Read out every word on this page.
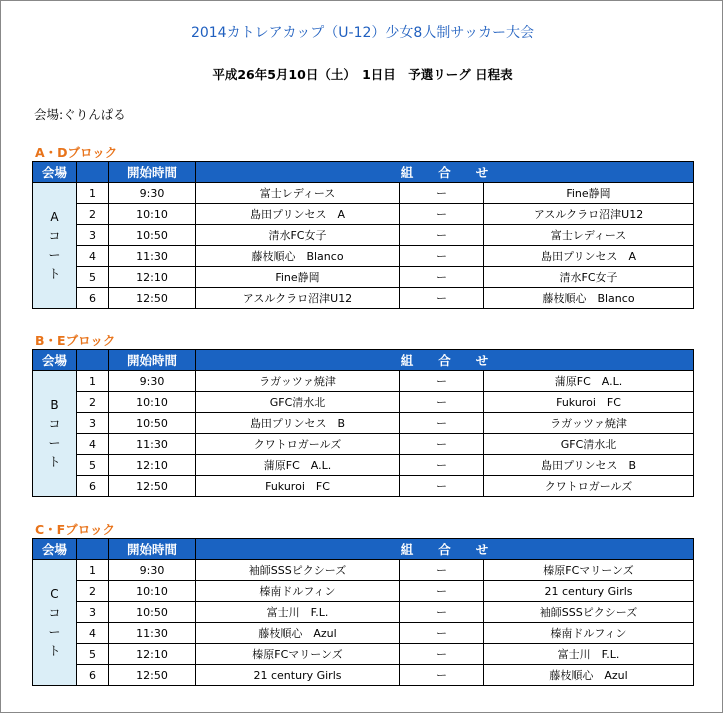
2014カトレアカップ（U-12）少女8人制サッカー大会
平成26年5月10日（土）　1日目　予選リーグ 日程表
会場:ぐりんぱる
A・Dブロック
会場		開始時間	組　　合　　せ		

A
コ
ー
ト	1	9:30	富士レディース	ー	Fine静岡
	2	10:10	島田プリンセス　A	ー	アスルクラロ沼津U12
	3	10:50	清水FC女子	ー	富士レディース
	4	11:30	藤枝順心　Blanco	ー	島田プリンセス　A
	5	12:10	Fine静岡	ー	清水FC女子
	6	12:50	アスルクラロ沼津U12	ー	藤枝順心　Blanco
B・Eブロック
会場		開始時間	組　　合　　せ		

B
コ
ー
ト	1	9:30	ラガッツァ焼津	ー	蒲原FC　A.L.
	2	10:10	GFC清水北	ー	Fukuroi　FC
	3	10:50	島田プリンセス　B	ー	ラガッツァ焼津
	4	11:30	クワトロガールズ	ー	GFC清水北
	5	12:10	蒲原FC　A.L.	ー	島田プリンセス　B
	6	12:50	Fukuroi　FC	ー	クワトロガールズ
C・Fブロック
会場		開始時間	組　　合　　せ		

C
コ
ー
ト	1	9:30	袖師SSSピクシーズ	ー	榛原FCマリーンズ
	2	10:10	榛南ドルフィン	ー	21 century Girls
	3	10:50	富士川　F.L.	ー	袖師SSSピクシーズ
	4	11:30	藤枝順心　Azul	ー	榛南ドルフィン
	5	12:10	榛原FCマリーンズ	ー	富士川　F.L.
	6	12:50	21 century Girls	ー	藤枝順心　Azul
